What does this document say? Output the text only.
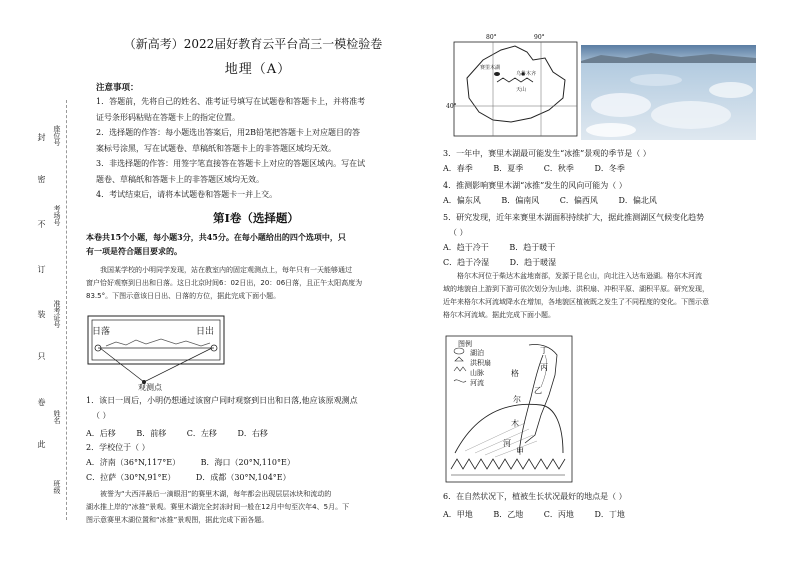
（新高考）2022届好教育云平台高三一模检验卷
地理（A）
封
密
不
订
装
只
卷
此
座位号
考场号
准考证号
姓名
班级
注意事项：
1．答题前，先将自己的姓名、准考证号填写在试题卷和答题卡上，并将准考
证号条形码粘贴在答题卡上的指定位置。
2．选择题的作答：每小题选出答案后，用2B铅笔把答题卡上对应题目的答
案标号涂黑，写在试题卷、草稿纸和答题卡上的非答题区域均无效。
3．非选择题的作答：用签字笔直接答在答题卡上对应的答题区域内。写在试
题卷、草稿纸和答题卡上的非答题区域均无效。
4．考试结束后，请将本试题卷和答题卡一并上交。
第Ⅰ卷（选择题）
本卷共15个小题，每小题3分，共45分。在每小题给出的四个选项中，只
有一项是符合题目要求的。
我国某学校的小明同学发现，站在教室内的固定观测点上，每年只有一天能够通过
窗户恰好观察到日出和日落。这日北京时间6：02日出，20：06日落，且正午太阳高度为
83.5°。下图示意该日日出、日落的方位，据此完成下面小题。
日落	日出
观测点
1．该日一周后，小明仍想通过该窗户同时观察到日出和日落,他应该原观测点
（ ）
A．后移	B．前移	C．左移	D．右移
2．学校位于（ ）
A．济南（36°N,117°E）	B．海口（20°N,110°E）
C．拉萨（30°N,91°E）	D．成都（30°N,104°E）
被誉为“大西洋最后一滴眼泪”的赛里木湖，每年都会出现层层冰块和流动的
湖水推上岸的“冰推”景观。赛里木湖完全封冻时间一般在12月中旬至次年4、5月。下
图示意赛里木湖位置和“冰推”景观图，据此完成下面各题。
80°	90°
40°
赛里木湖
乌鲁木齐
天山
3．一年中，赛里木湖最可能发生“冰推”景观的季节是（ ）
A．春季	B．夏季	C．秋季	D．冬季
4．推测影响赛里木湖“冰推”发生的风向可能为（ ）
A．偏东风	B．偏南风	C．偏西风	D．偏北风
5．研究发现，近年来赛里木湖面积持续扩大，据此推测湖区气候变化趋势
（ ）
A．趋于冷干	B．趋于暖干
C．趋于冷湿	D．趋于暖湿
格尔木河位于柴达木盆地南部，发源于昆仑山，向北注入达布逊湖。格尔木河流
域的地貌自上游到下游可依次划分为山地、洪积扇、冲积平原、湖积平原。研究发现，
近年来格尔木河流域降水在增加，各地貌区植被既之发生了不同程度的变化。下图示意
格尔木河流域。据此完成下面小题。
图例
湖泊
洪积扇
山脉
河流
丁
丙
格
乙
尔
木
河
甲
6．在自然状况下，植被生长状况最好的地点是（ ）
A．甲地	B．乙地	C．丙地	D．丁地
